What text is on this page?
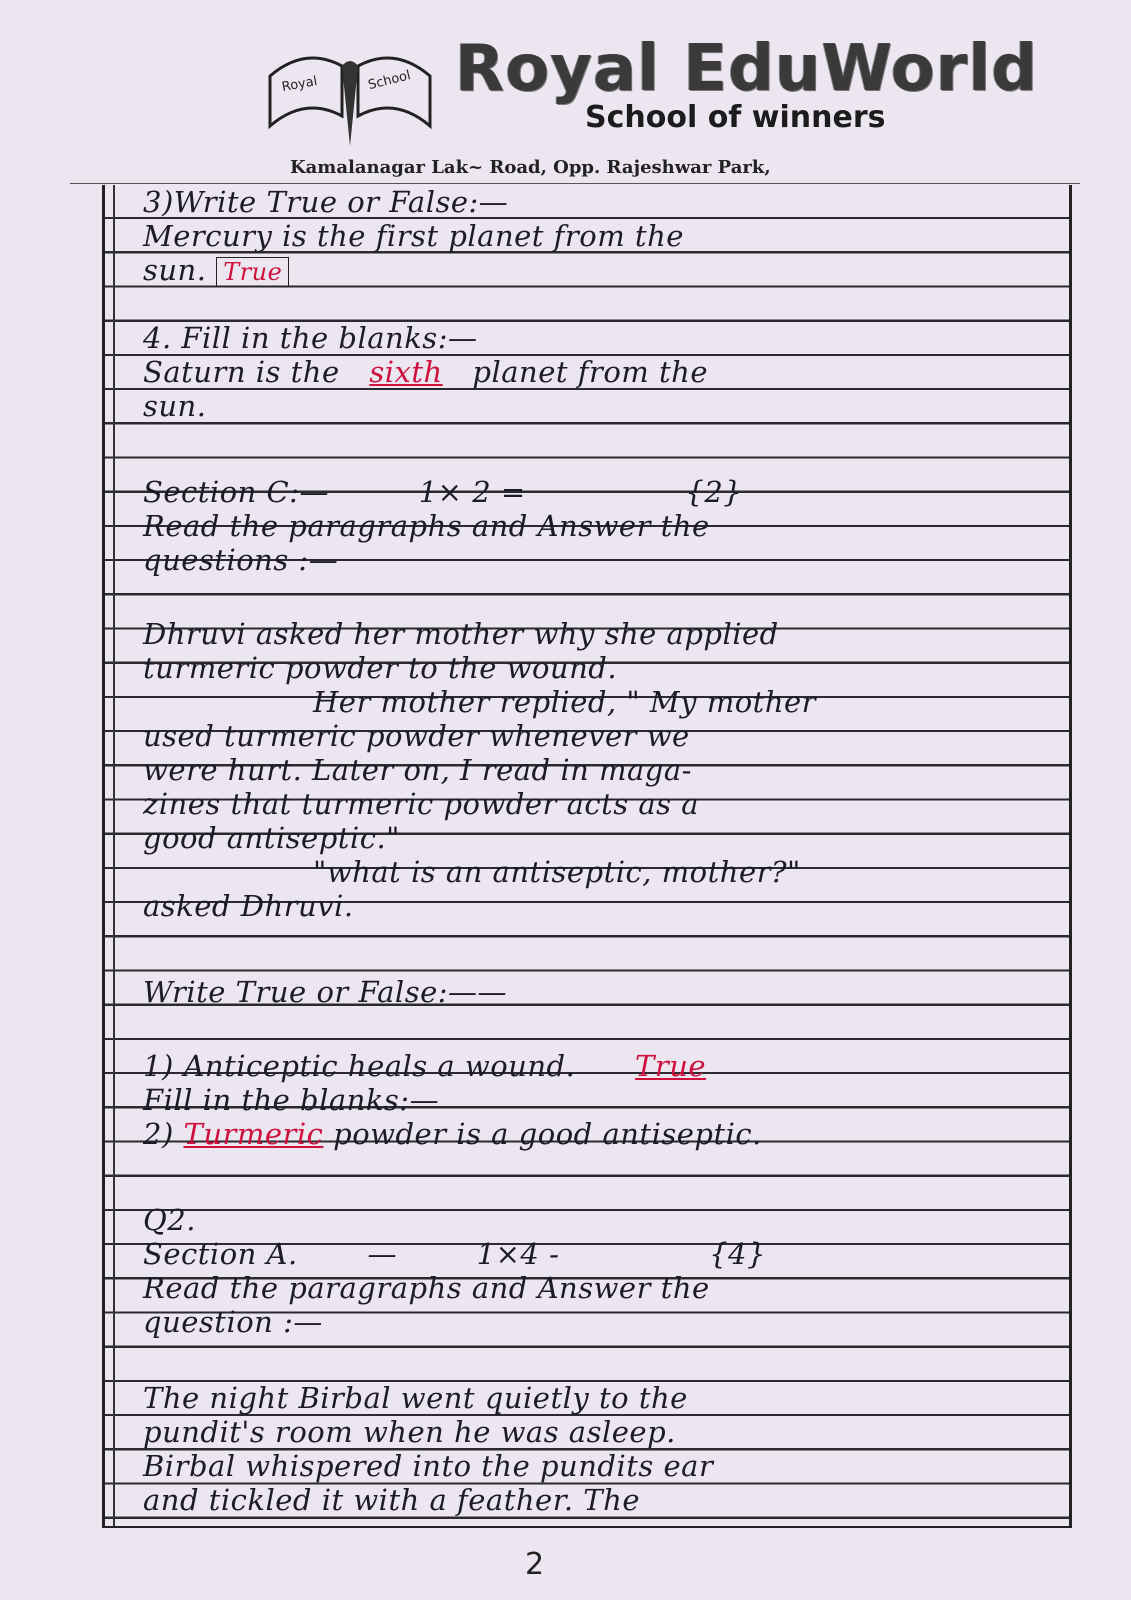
Royal	School Royal EduWorld
School of winners
Kamalanagar Lak~ Road, Opp. Rajeshwar Park,
3)Write True or False:—
Mercury is the first planet from the
sun. True
4. Fill in the blanks:—
Saturn is the sixth planet from the
sun.
Section C:—	1× 2 =	{2}
Read the paragraphs and Answer the
questions :—
Dhruvi asked her mother why she applied
turmeric powder to the wound.
Her mother replied, " My mother
used turmeric powder whenever we
were hurt. Later on, I read in maga-
zines that turmeric powder acts as a
good antiseptic."
"what is an antiseptic, mother?"
asked Dhruvi.
Write True or False:——
1) Anticeptic heals a wound. True
Fill in the blanks:—
2) Turmeric powder is a good antiseptic.
Q2.
Section A. —	1×4 -	{4}
Read the paragraphs and Answer the
question :—
The night Birbal went quietly to the
pundit's room when he was asleep.
Birbal whispered into the pundits ear
and tickled it with a feather. The
2
